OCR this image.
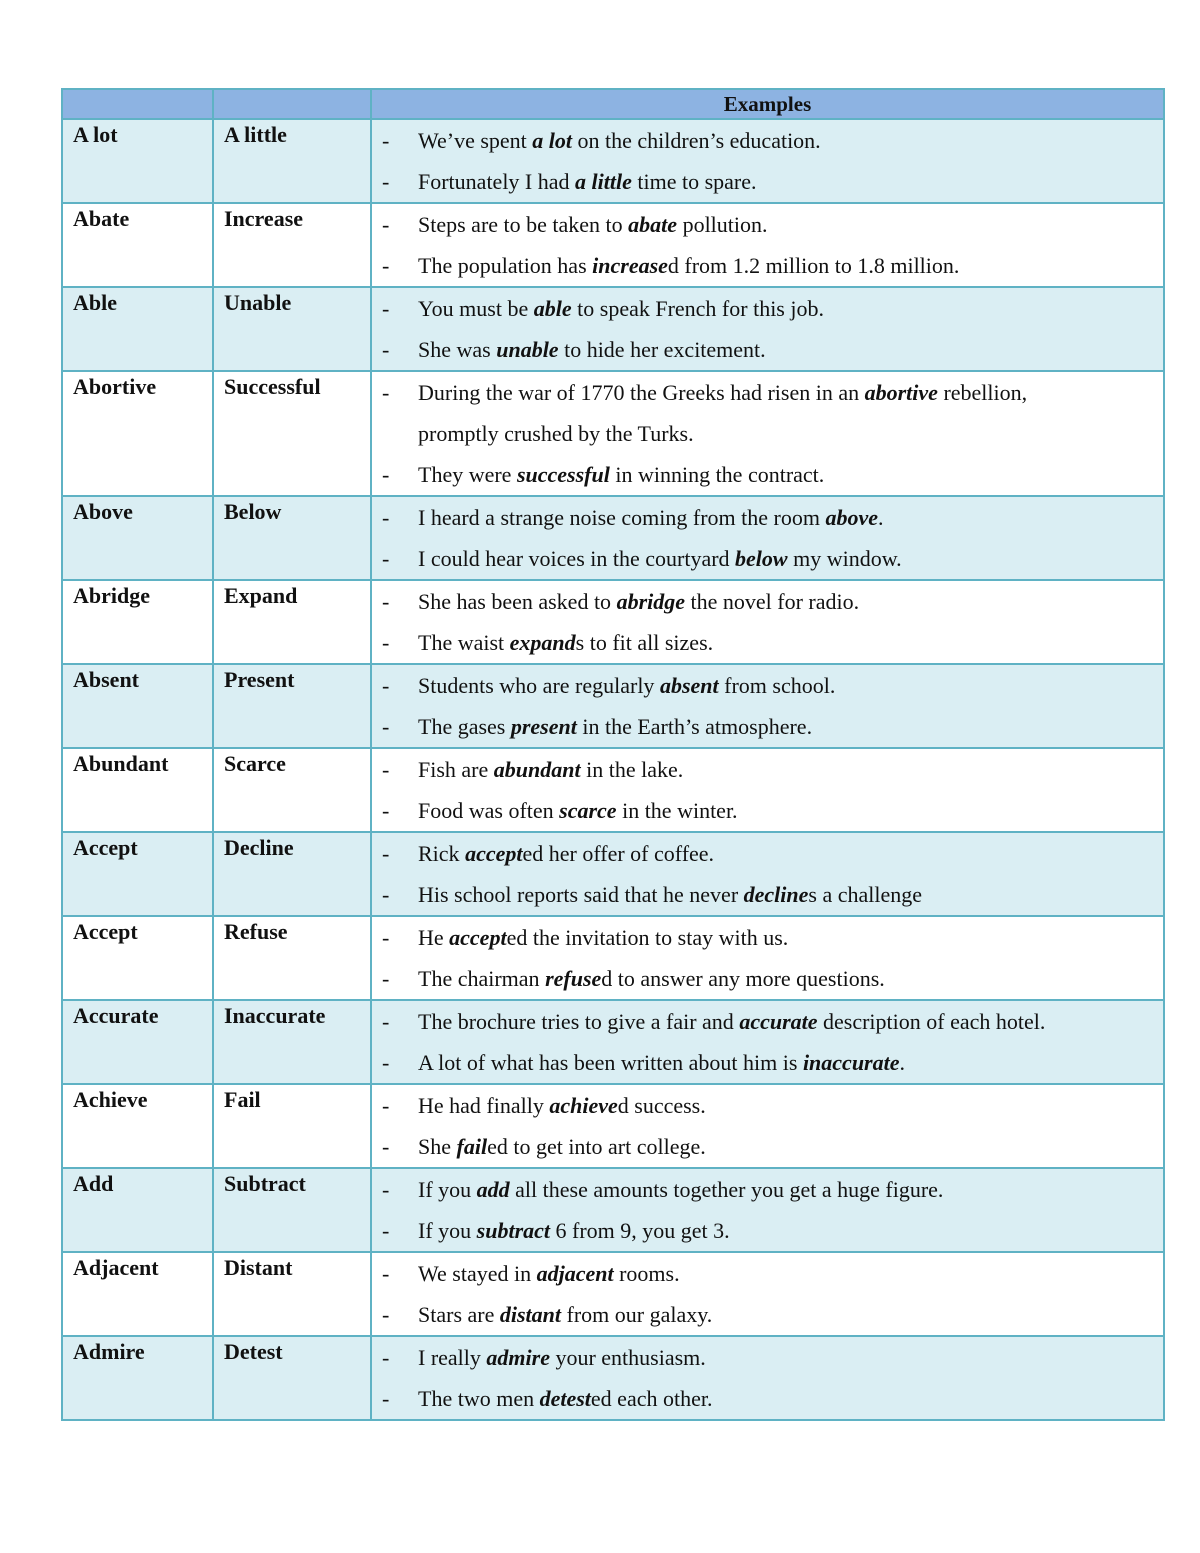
		Examples
A lot	A little	- We’ve spent a lot on the children’s education.
- Fortunately I had a little time to spare.

Abate	Increase	- Steps are to be taken to abate pollution.
- The population has increased from 1.2 million to 1.8 million.

Able	Unable	- You must be able to speak French for this job.
- She was unable to hide her excitement.

Abortive	Successful	- During the war of 1770 the Greeks had risen in an abortive rebellion,
promptly crushed by the Turks.
- They were successful in winning the contract.

Above	Below	- I heard a strange noise coming from the room above.
- I could hear voices in the courtyard below my window.

Abridge	Expand	- She has been asked to abridge the novel for radio.
- The waist expands to fit all sizes.

Absent	Present	- Students who are regularly absent from school.
- The gases present in the Earth’s atmosphere.

Abundant	Scarce	- Fish are abundant in the lake.
- Food was often scarce in the winter.

Accept	Decline	- Rick accepted her offer of coffee.
- His school reports said that he never declines a challenge

Accept	Refuse	- He accepted the invitation to stay with us.
- The chairman refused to answer any more questions.

Accurate	Inaccurate	- The brochure tries to give a fair and accurate description of each hotel.
- A lot of what has been written about him is inaccurate.

Achieve	Fail	- He had finally achieved success.
- She failed to get into art college.

Add	Subtract	- If you add all these amounts together you get a huge figure.
- If you subtract 6 from 9, you get 3.

Adjacent	Distant	- We stayed in adjacent rooms.
- Stars are distant from our galaxy.

Admire	Detest	- I really admire your enthusiasm.
- The two men detested each other.
